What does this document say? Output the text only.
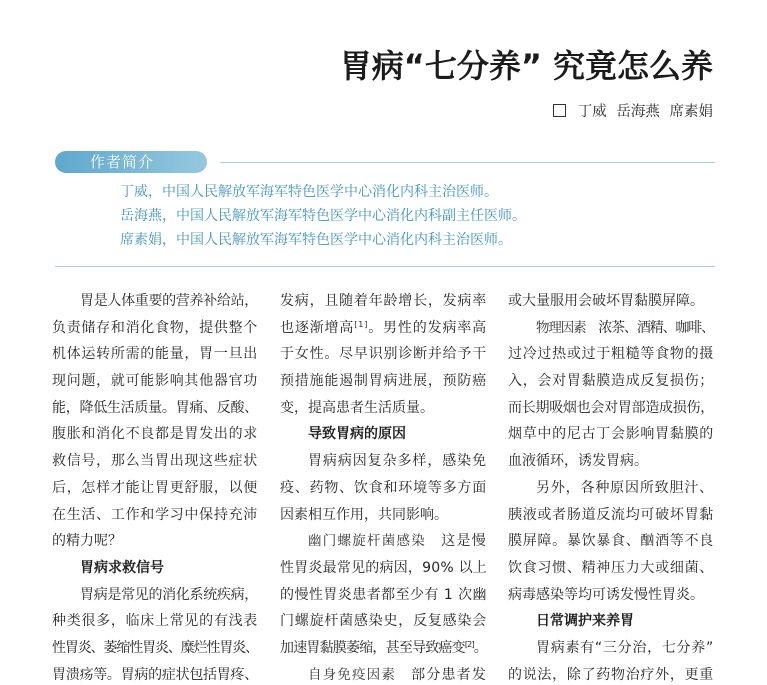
胃病“七分养” 究竟怎么养
丁威 岳海燕 席素娟
作者简介
丁威，中国人民解放军海军特色医学中心消化内科主治医师。
岳海燕，中国人民解放军海军特色医学中心消化内科副主任医师。
席素娟，中国人民解放军海军特色医学中心消化内科主治医师。
胃是人体重要的营养补给站，
负责储存和消化食物，提供整个
机体运转所需的能量，胃一旦出
现问题，就可能影响其他器官功
能，降低生活质量。胃痛、反酸、
腹胀和消化不良都是胃发出的求
救信号，那么当胃出现这些症状
后，怎样才能让胃更舒服，以便
在生活、工作和学习中保持充沛
的精力呢？
胃病求救信号
胃病是常见的消化系统疾病，
种类很多，临床上常见的有浅表
性胃炎、萎缩性胃炎、糜烂性胃炎、
胃溃疡等。胃病的症状包括胃疼、
发病，且随着年龄增长，发病率
也逐渐增高[1]。男性的发病率高
于女性。尽早识别诊断并给予干
预措施能遏制胃病进展，预防癌
变，提高患者生活质量。
导致胃病的原因
胃病病因复杂多样，感染免
疫、药物、饮食和环境等多方面
因素相互作用，共同影响。
幽门螺旋杆菌感染　这是慢
性胃炎最常见的病因，90% 以上
的慢性胃炎患者都至少有 1 次幽
门螺旋杆菌感染史，反复感染会
加速胃黏膜萎缩，甚至导致癌变[2]。
自身免疫因素　部分患者发
或大量服用会破坏胃黏膜屏障。
物理因素　浓茶、酒精、咖啡、
过冷过热或过于粗糙等食物的摄
入，会对胃黏膜造成反复损伤；
而长期吸烟也会对胃部造成损伤，
烟草中的尼古丁会影响胃黏膜的
血液循环，诱发胃病。
另外，各种原因所致胆汁、
胰液或者肠道反流均可破坏胃黏
膜屏障。暴饮暴食、酗酒等不良
饮食习惯、精神压力大或细菌、
病毒感染等均可诱发慢性胃炎。
日常调护来养胃
胃病素有“三分治，七分养”
的说法，除了药物治疗外，更重
